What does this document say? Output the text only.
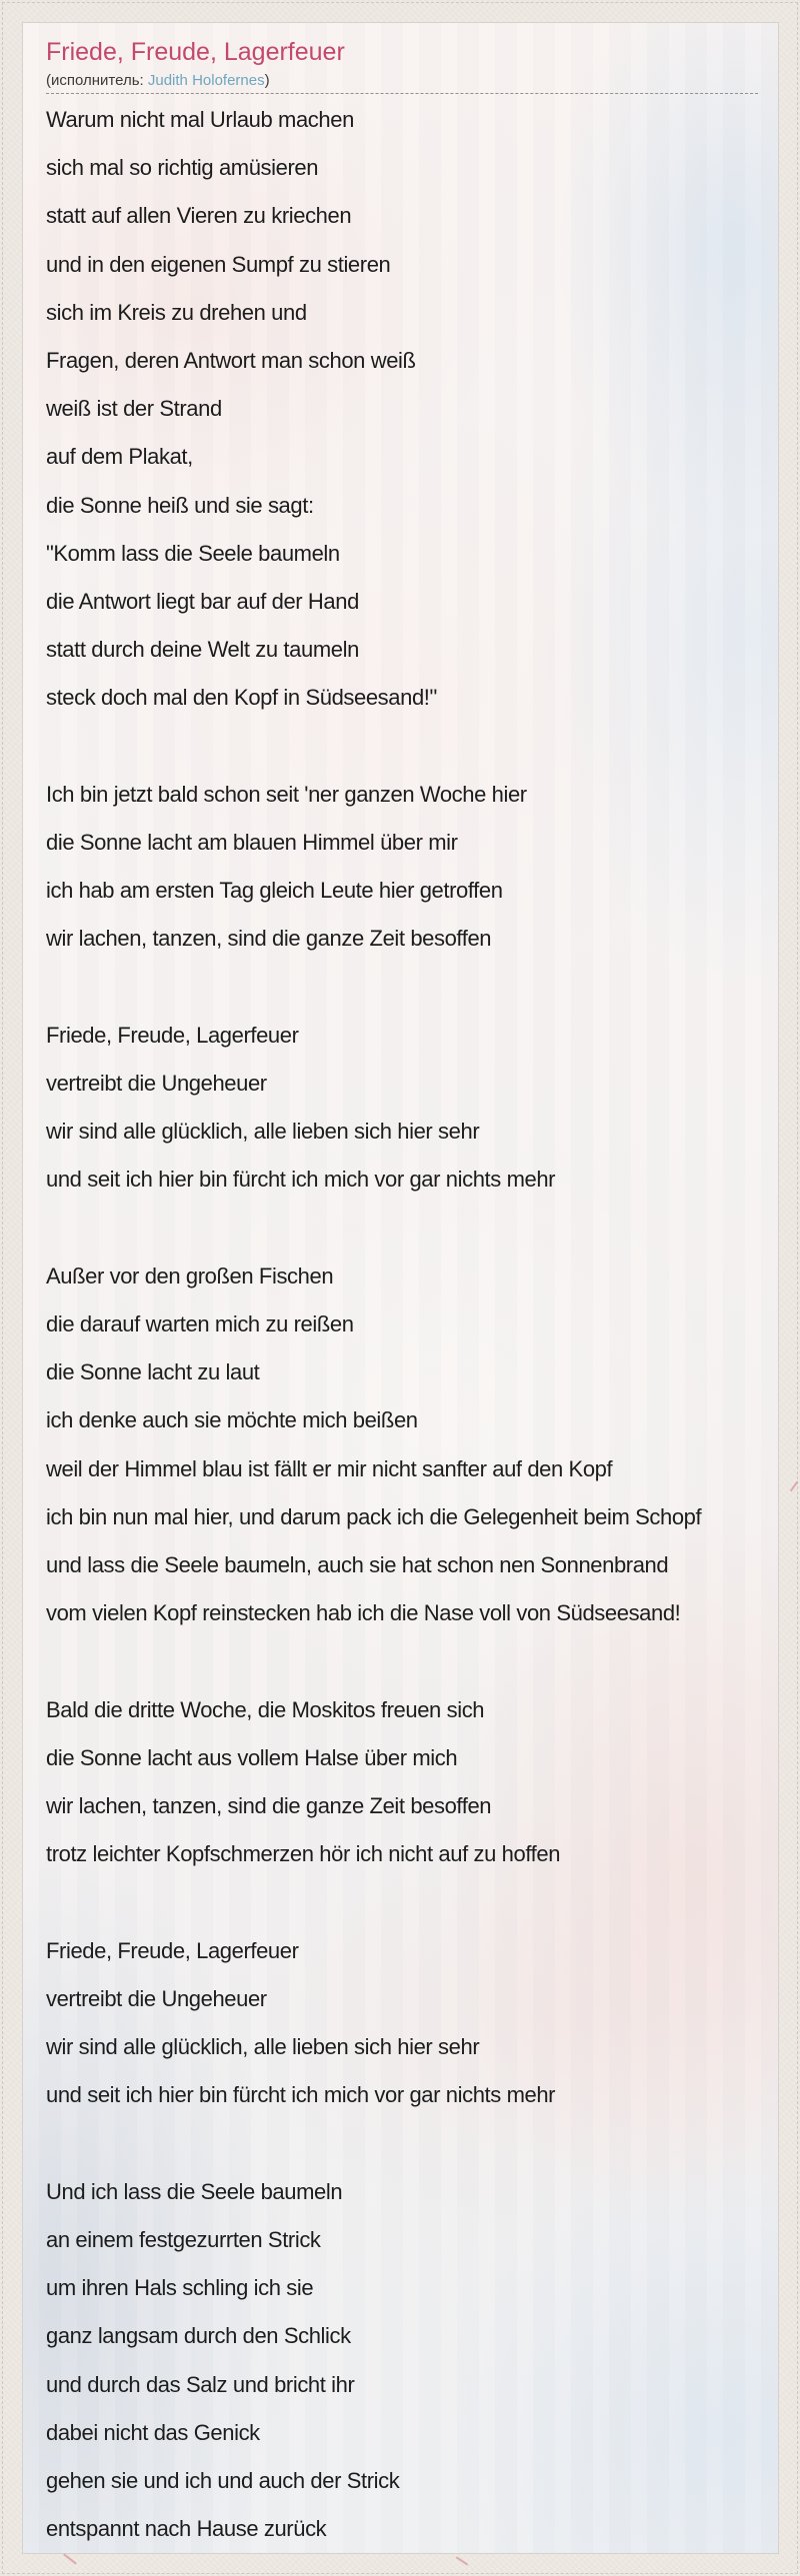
Friede, Freude, Lagerfeuer
(исполнитель: Judith Holofernes)

Warum nicht mal Urlaub machen

sich mal so richtig amüsieren

statt auf allen Vieren zu kriechen

und in den eigenen Sumpf zu stieren

sich im Kreis zu drehen und

Fragen, deren Antwort man schon weiß

weiß ist der Strand

auf dem Plakat,

die Sonne heiß und sie sagt:

"Komm lass die Seele baumeln

die Antwort liegt bar auf der Hand

statt durch deine Welt zu taumeln

steck doch mal den Kopf in Südseesand!"

Ich bin jetzt bald schon seit 'ner ganzen Woche hier

die Sonne lacht am blauen Himmel über mir

ich hab am ersten Tag gleich Leute hier getroffen

wir lachen, tanzen, sind die ganze Zeit besoffen

Friede, Freude, Lagerfeuer

vertreibt die Ungeheuer

wir sind alle glücklich, alle lieben sich hier sehr

und seit ich hier bin fürcht ich mich vor gar nichts mehr

Außer vor den großen Fischen

die darauf warten mich zu reißen

die Sonne lacht zu laut

ich denke auch sie möchte mich beißen

weil der Himmel blau ist fällt er mir nicht sanfter auf den Kopf

ich bin nun mal hier, und darum pack ich die Gelegenheit beim Schopf

und lass die Seele baumeln, auch sie hat schon nen Sonnenbrand

vom vielen Kopf reinstecken hab ich die Nase voll von Südseesand!

Bald die dritte Woche, die Moskitos freuen sich

die Sonne lacht aus vollem Halse über mich

wir lachen, tanzen, sind die ganze Zeit besoffen

trotz leichter Kopfschmerzen hör ich nicht auf zu hoffen

Friede, Freude, Lagerfeuer

vertreibt die Ungeheuer

wir sind alle glücklich, alle lieben sich hier sehr

und seit ich hier bin fürcht ich mich vor gar nichts mehr

Und ich lass die Seele baumeln

an einem festgezurrten Strick

um ihren Hals schling ich sie

ganz langsam durch den Schlick

und durch das Salz und bricht ihr

dabei nicht das Genick

gehen sie und ich und auch der Strick

entspannt nach Hause zurück
